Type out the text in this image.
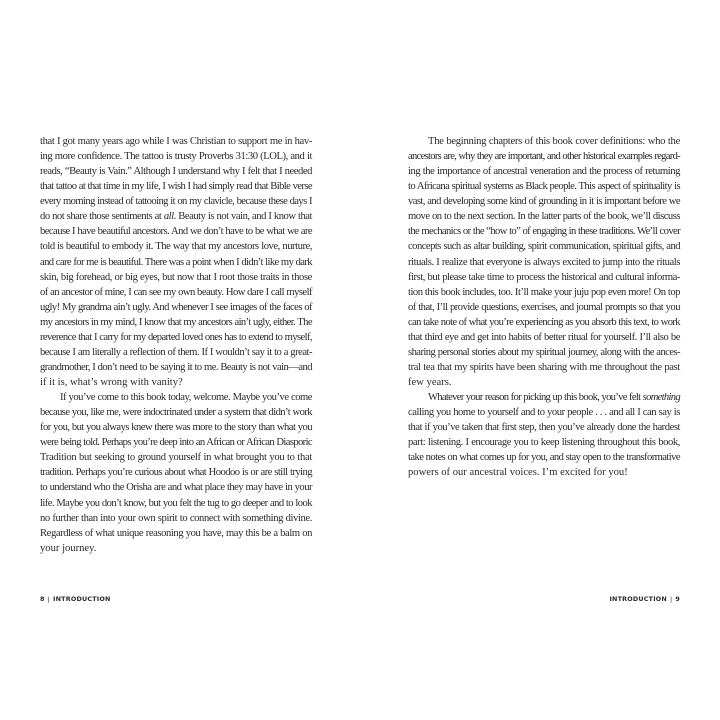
that I got many years ago while I was Christian to support me in hav-
ing more confidence. The tattoo is trusty Proverbs 31:30 (LOL), and it
reads, “Beauty is Vain.” Although I understand why I felt that I needed
that tattoo at that time in my life, I wish I had simply read that Bible verse
every morning instead of tattooing it on my clavicle, because these days I
do not share those sentiments at all. Beauty is not vain, and I know that
because I have beautiful ancestors. And we don’t have to be what we are
told is beautiful to embody it. The way that my ancestors love, nurture,
and care for me is beautiful. There was a point when I didn’t like my dark
skin, big forehead, or big eyes, but now that I root those traits in those
of an ancestor of mine, I can see my own beauty. How dare I call myself
ugly! My grandma ain’t ugly. And whenever I see images of the faces of
my ancestors in my mind, I know that my ancestors ain’t ugly, either. The
reverence that I carry for my departed loved ones has to extend to myself,
because I am literally a reflection of them. If I wouldn’t say it to a great-
grandmother, I don’t need to be saying it to me. Beauty is not vain—and
if it is, what’s wrong with vanity?
If you’ve come to this book today, welcome. Maybe you’ve come
because you, like me, were indoctrinated under a system that didn’t work
for you, but you always knew there was more to the story than what you
were being told. Perhaps you’re deep into an African or African Diasporic
Tradition but seeking to ground yourself in what brought you to that
tradition. Perhaps you’re curious about what Hoodoo is or are still trying
to understand who the Orisha are and what place they may have in your
life. Maybe you don’t know, but you felt the tug to go deeper and to look
no further than into your own spirit to connect with something divine.
Regardless of what unique reasoning you have, may this be a balm on
your journey.
The beginning chapters of this book cover definitions: who the
ancestors are, why they are important, and other historical examples regard-
ing the importance of ancestral veneration and the process of returning
to Africana spiritual systems as Black people. This aspect of spirituality is
vast, and developing some kind of grounding in it is important before we
move on to the next section. In the latter parts of the book, we’ll discuss
the mechanics or the “how to” of engaging in these traditions. We’ll cover
concepts such as altar building, spirit communication, spiritual gifts, and
rituals. I realize that everyone is always excited to jump into the rituals
first, but please take time to process the historical and cultural informa-
tion this book includes, too. It’ll make your juju pop even more! On top
of that, I’ll provide questions, exercises, and journal prompts so that you
can take note of what you’re experiencing as you absorb this text, to work
that third eye and get into habits of better ritual for yourself. I’ll also be
sharing personal stories about my spiritual journey, along with the ances-
tral tea that my spirits have been sharing with me throughout the past
few years.
Whatever your reason for picking up this book, you’ve felt something
calling you home to yourself and to your people . . . and all I can say is
that if you’ve taken that first step, then you’ve already done the hardest
part: listening. I encourage you to keep listening throughout this book,
take notes on what comes up for you, and stay open to the transformative
powers of our ancestral voices. I’m excited for you!
8 | INTRODUCTION	INTRODUCTION | 9
